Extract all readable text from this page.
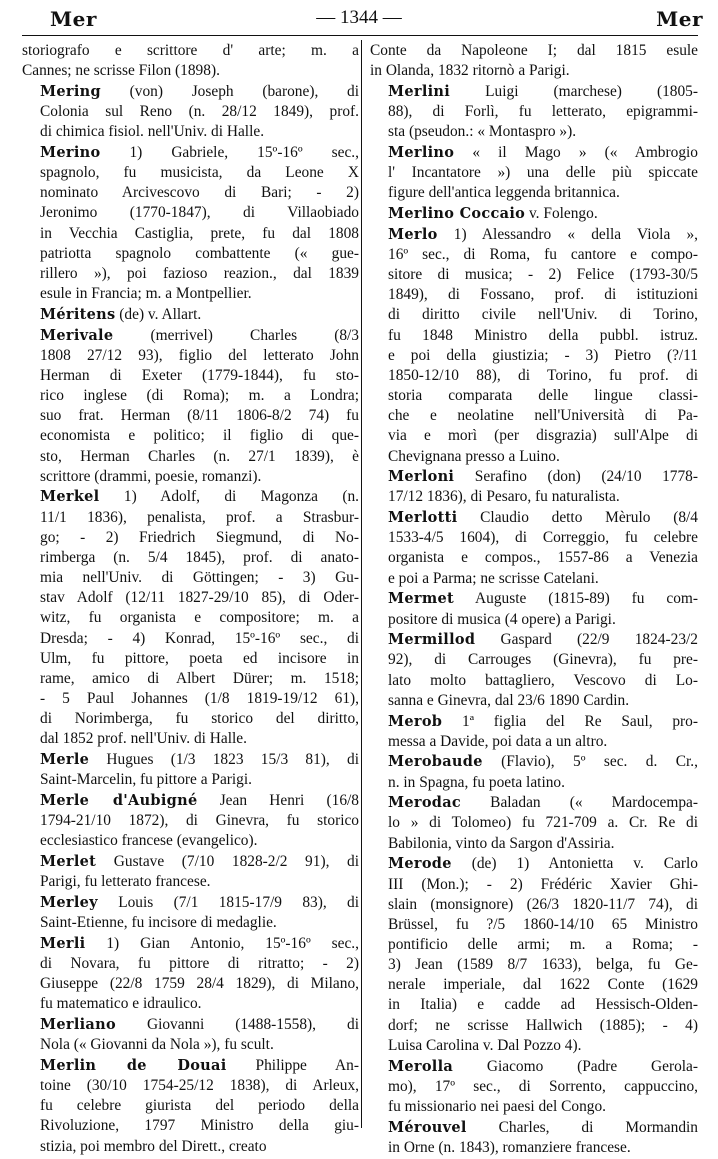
Mer	— 1344 —	Mer
storiografo e scrittore d' arte; m. a
Cannes; ne scrisse Filon (1898).
Mering (von) Joseph (barone), di
Colonia sul Reno (n. 28/12 1849), prof.
di chimica fisiol. nell'Univ. di Halle.
Merino 1) Gabriele, 15º-16º sec.,
spagnolo, fu musicista, da Leone X
nominato Arcivescovo di Bari; - 2)
Jeronimo (1770-1847), di Villaobiado
in Vecchia Castiglia, prete, fu dal 1808
patriotta spagnolo combattente (« gue-
rillero »), poi fazioso reazion., dal 1839
esule in Francia; m. a Montpellier.
Méritens (de) v. Allart.
Merivale (merrivel) Charles (8/3
1808 27/12 93), figlio del letterato John
Herman di Exeter (1779-1844), fu sto-
rico inglese (di Roma); m. a Londra;
suo frat. Herman (8/11 1806-8/2 74) fu
economista e politico; il figlio di que-
sto, Herman Charles (n. 27/1 1839), è
scrittore (drammi, poesie, romanzi).
Merkel 1) Adolf, di Magonza (n.
11/1 1836), penalista, prof. a Strasbur-
go; - 2) Friedrich Siegmund, di No-
rimberga (n. 5/4 1845), prof. di anato-
mia nell'Univ. di Göttingen; - 3) Gu-
stav Adolf (12/11 1827-29/10 85), di Oder-
witz, fu organista e compositore; m. a
Dresda; - 4) Konrad, 15º-16º sec., di
Ulm, fu pittore, poeta ed incisore in
rame, amico di Albert Dürer; m. 1518;
- 5 Paul Johannes (1/8 1819-19/12 61),
di Norimberga, fu storico del diritto,
dal 1852 prof. nell'Univ. di Halle.
Merle Hugues (1/3 1823 15/3 81), di
Saint-Marcelin, fu pittore a Parigi.
Merle d'Aubigné Jean Henri (16/8
1794-21/10 1872), di Ginevra, fu storico
ecclesiastico francese (evangelico).
Merlet Gustave (7/10 1828-2/2 91), di
Parigi, fu letterato francese.
Merley Louis (7/1 1815-17/9 83), di
Saint-Etienne, fu incisore di medaglie.
Merli 1) Gian Antonio, 15º-16º sec.,
di Novara, fu pittore di ritratto; - 2)
Giuseppe (22/8 1759 28/4 1829), di Milano,
fu matematico e idraulico.
Merliano Giovanni (1488-1558), di
Nola (« Giovanni da Nola »), fu scult.
Merlin de Douai Philippe An-
toine (30/10 1754-25/12 1838), di Arleux,
fu celebre giurista del periodo della
Rivoluzione, 1797 Ministro della giu-
stizia, poi membro del Dirett., creato
Conte da Napoleone I; dal 1815 esule
in Olanda, 1832 ritornò a Parigi.
Merlini Luigi (marchese) (1805-
88), di Forlì, fu letterato, epigrammi-
sta (pseudon.: « Montaspro »).
Merlino « il Mago » (« Ambrogio
l' Incantatore ») una delle più spiccate
figure dell'antica leggenda britannica.
Merlino Coccaio v. Folengo.
Merlo 1) Alessandro « della Viola »,
16º sec., di Roma, fu cantore e compo-
sitore di musica; - 2) Felice (1793-30/5
1849), di Fossano, prof. di istituzioni
di diritto civile nell'Univ. di Torino,
fu 1848 Ministro della pubbl. istruz.
e poi della giustizia; - 3) Pietro (?/11
1850-12/10 88), di Torino, fu prof. di
storia comparata delle lingue classi-
che e neolatine nell'Università di Pa-
via e morì (per disgrazia) sull'Alpe di
Chevignana presso a Luino.
Merloni Serafino (don) (24/10 1778-
17/12 1836), di Pesaro, fu naturalista.
Merlotti Claudio detto Mèrulo (8/4
1533-4/5 1604), di Correggio, fu celebre
organista e compos., 1557-86 a Venezia
e poi a Parma; ne scrisse Catelani.
Mermet Auguste (1815-89) fu com-
positore di musica (4 opere) a Parigi.
Mermillod Gaspard (22/9 1824-23/2
92), di Carrouges (Ginevra), fu pre-
lato molto battagliero, Vescovo di Lo-
sanna e Ginevra, dal 23/6 1890 Cardin.
Merob 1ª figlia del Re Saul, pro-
messa a Davide, poi data a un altro.
Merobaude (Flavio), 5º sec. d. Cr.,
n. in Spagna, fu poeta latino.
Merodac Baladan (« Mardocempa-
lo » di Tolomeo) fu 721-709 a. Cr. Re di
Babilonia, vinto da Sargon d'Assiria.
Merode (de) 1) Antonietta v. Carlo
III (Mon.); - 2) Frédéric Xavier Ghi-
slain (monsignore) (26/3 1820-11/7 74), di
Brüssel, fu ?/5 1860-14/10 65 Ministro
pontificio delle armi; m. a Roma; -
3) Jean (1589 8/7 1633), belga, fu Ge-
nerale imperiale, dal 1622 Conte (1629
in Italia) e cadde ad Hessisch-Olden-
dorf; ne scrisse Hallwich (1885); - 4)
Luisa Carolina v. Dal Pozzo 4).
Merolla Giacomo (Padre Gerola-
mo), 17º sec., di Sorrento, cappuccino,
fu missionario nei paesi del Congo.
Mérouvel Charles, di Mormandin
in Orne (n. 1843), romanziere francese.
